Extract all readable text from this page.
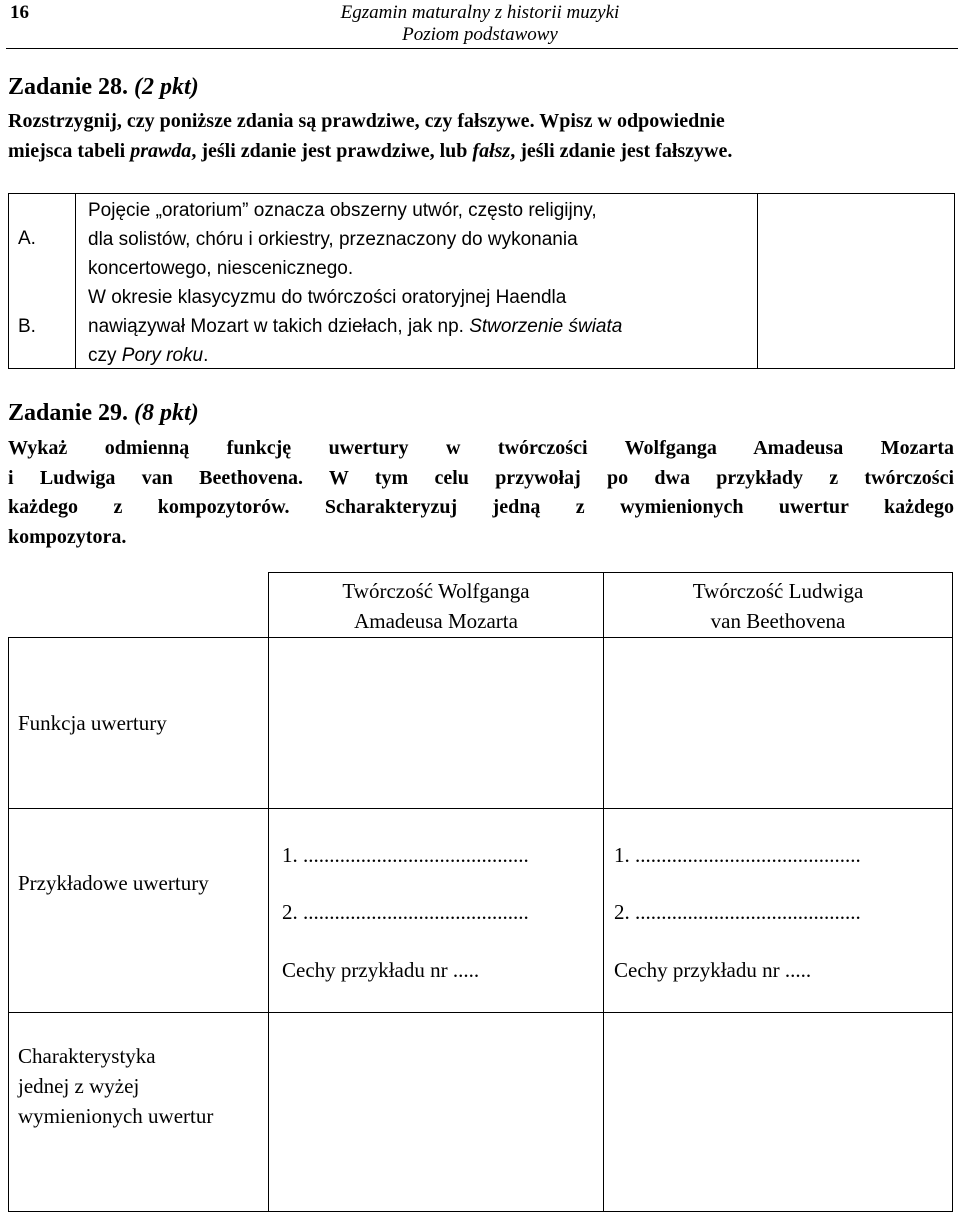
16	Egzamin maturalny z historii muzyki
Poziom podstawowy
Zadanie 28. (2 pkt)
Rozstrzygnij, czy poniższe zdania są prawdziwe, czy fałszywe. Wpisz w odpowiednie
miejsca tabeli prawda, jeśli zdanie jest prawdziwe, lub fałsz, jeśli zdanie jest fałszywe.
A.
B.
Pojęcie „oratorium” oznacza obszerny utwór, często religijny,
dla solistów, chóru i orkiestry, przeznaczony do wykonania
koncertowego, niescenicznego.
W okresie klasycyzmu do twórczości oratoryjnej Haendla
nawiązywał Mozart w takich dziełach, jak np. Stworzenie świata
czy Pory roku.
Zadanie 29. (8 pkt)
Wykaż odmienną funkcję uwertury w twórczości Wolfganga Amadeusa Mozarta
i Ludwiga van Beethovena. W tym celu przywołaj po dwa przykłady z twórczości
każdego z kompozytorów. Scharakteryzuj jedną z wymienionych uwertur każdego
kompozytora.
Twórczość Wolfganga
Amadeusa Mozarta
Twórczość Ludwiga
van Beethovena
Funkcja uwertury
Przykładowe uwertury
1. ...........................................
2. ...........................................
Cechy przykładu nr .....
1. ...........................................
2. ...........................................
Cechy przykładu nr .....
Charakterystyka
jednej z wyżej
wymienionych uwertur
